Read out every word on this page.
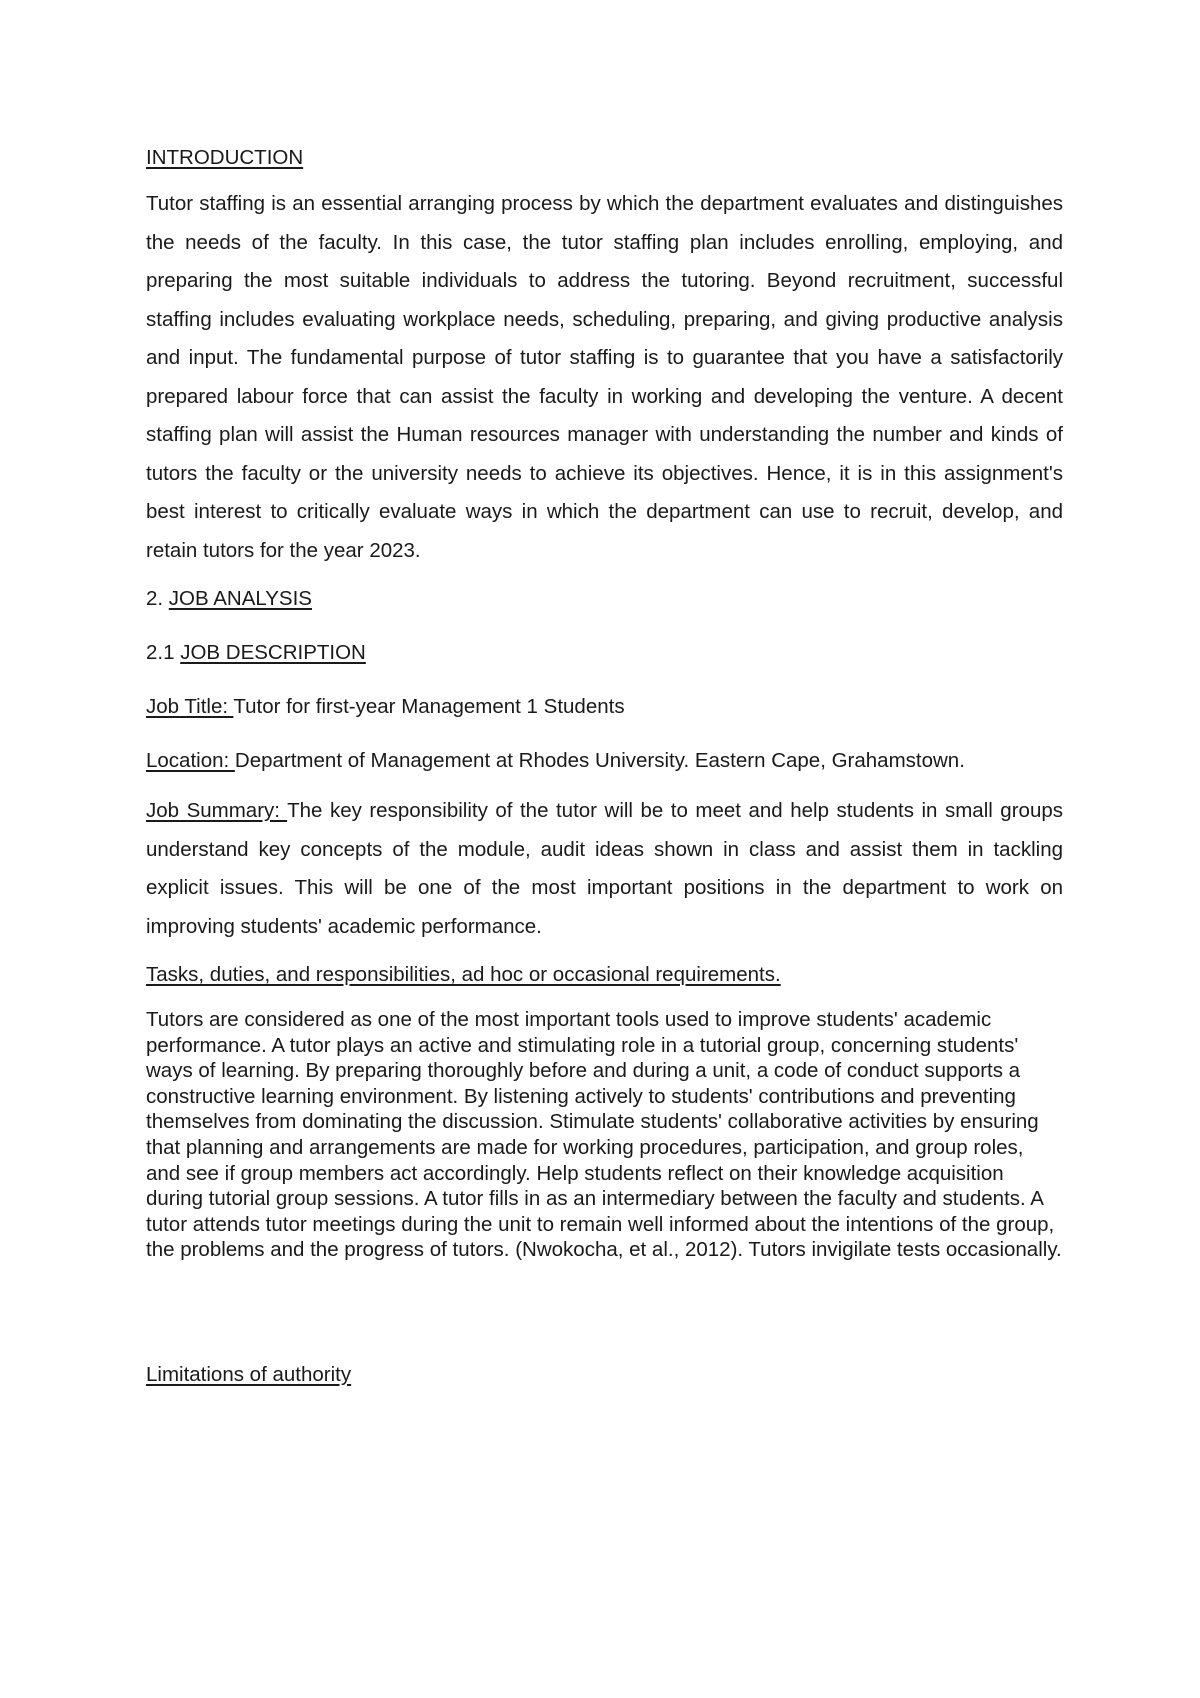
INTRODUCTION

Tutor staffing is an essential arranging process by which the department evaluates and distinguishes the needs of the faculty. In this case, the tutor staffing plan includes enrolling, employing, and preparing the most suitable individuals to address the tutoring. Beyond recruitment, successful staffing includes evaluating workplace needs, scheduling, preparing, and giving productive analysis and input. The fundamental purpose of tutor staffing is to guarantee that you have a satisfactorily prepared labour force that can assist the faculty in working and developing the venture. A decent staffing plan will assist the Human resources manager with understanding the number and kinds of tutors the faculty or the university needs to achieve its objectives. Hence, it is in this assignment's best interest to critically evaluate ways in which the department can use to recruit, develop, and retain tutors for the year 2023.

2. JOB ANALYSIS

2.1 JOB DESCRIPTION

Job Title: Tutor for first-year Management 1 Students

Location: Department of Management at Rhodes University. Eastern Cape, Grahamstown.

Job Summary: The key responsibility of the tutor will be to meet and help students in small groups understand key concepts of the module, audit ideas shown in class and assist them in tackling explicit issues. This will be one of the most important positions in the department to work on improving students' academic performance.

Tasks, duties, and responsibilities, ad hoc or occasional requirements.

Tutors are considered as one of the most important tools used to improve students' academic performance. A tutor plays an active and stimulating role in a tutorial group, concerning students' ways of learning. By preparing thoroughly before and during a unit, a code of conduct supports a constructive learning environment. By listening actively to students' contributions and preventing themselves from dominating the discussion. Stimulate students' collaborative activities by ensuring that planning and arrangements are made for working procedures, participation, and group roles, and see if group members act accordingly. Help students reflect on their knowledge acquisition during tutorial group sessions. A tutor fills in as an intermediary between the faculty and students. A tutor attends tutor meetings during the unit to remain well informed about the intentions of the group, the problems and the progress of tutors. (Nwokocha, et al., 2012). Tutors invigilate tests occasionally.

Limitations of authority
